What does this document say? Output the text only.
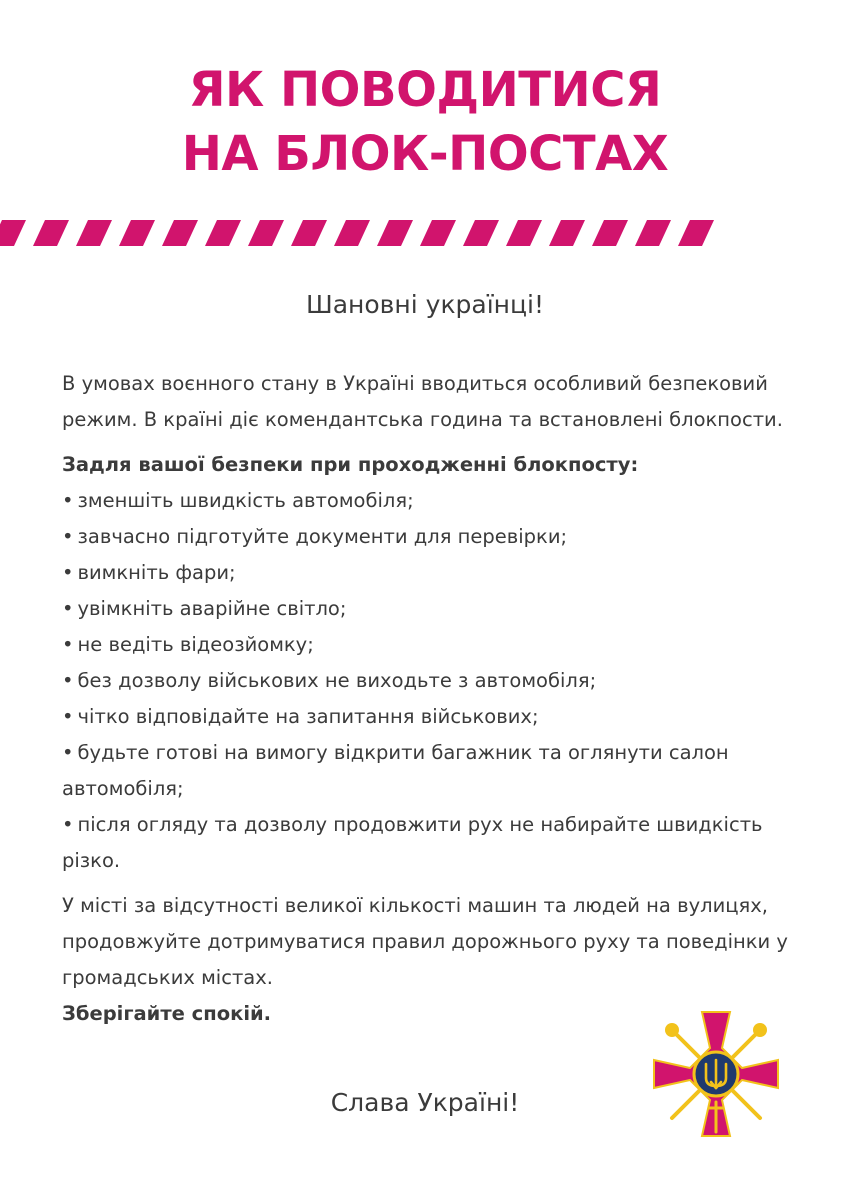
ЯК ПОВОДИТИСЯ
НА БЛОК-ПОСТАХ
Шановні українці!

В умовах воєнного стану в Україні вводиться особливий безпековий режим. В країні діє комендантська година та встановлені блокпости.

Задля вашої безпеки при проходженні блокпосту:

• зменшіть швидкість автомобіля;
• завчасно підготуйте документи для перевірки;
• вимкніть фари;
• увімкніть аварійне світло;
• не ведіть відеозйомку;
• без дозволу військових не виходьте з автомобіля;
• чітко відповідайте на запитання військових;
• будьте готові на вимогу відкрити багажник та оглянути салон автомобіля;
• після огляду та дозволу продовжити рух не набирайте швидкість різко.

У місті за відсутності великої кількості машин та людей на вулицях, продовжуйте дотримуватися правил дорожнього руху та поведінки у громадських містах.

Зберігайте спокій.

Слава Україні!
